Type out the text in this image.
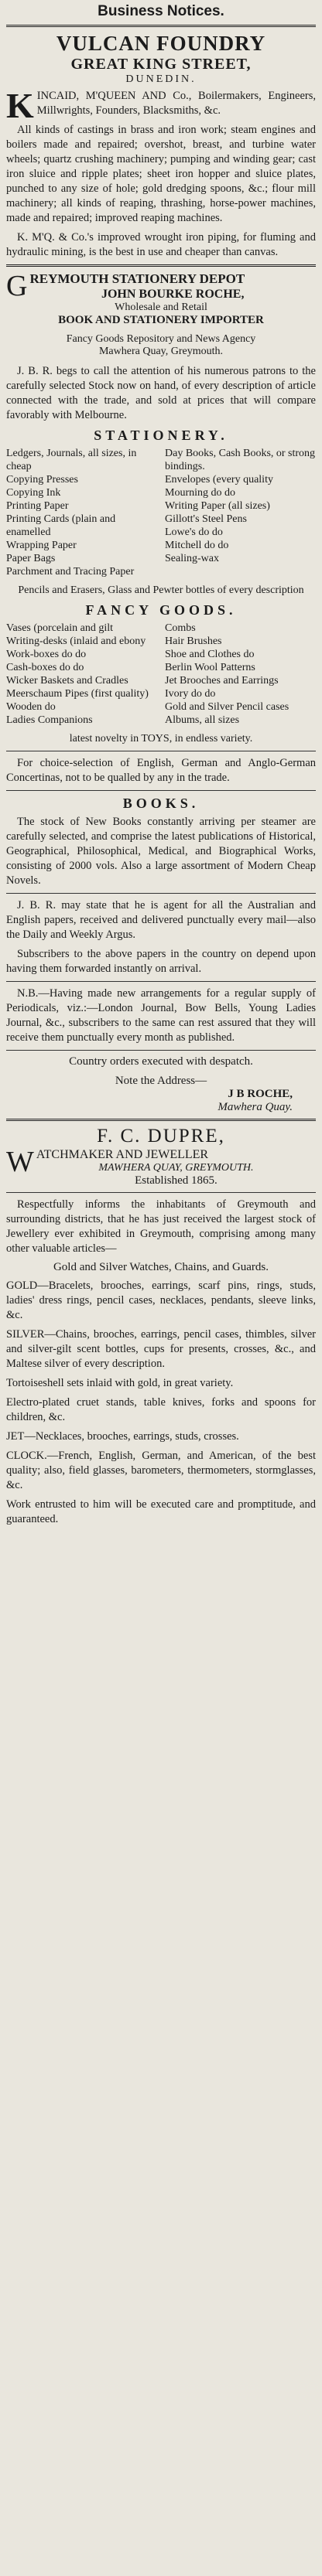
Business Notices.
VULCAN FOUNDRY
GREAT KING STREET,
DUNEDIN.

KINCAID, M'QUEEN AND Co., Boilermakers, Engineers, Millwrights, Founders, Blacksmiths, &c.

All kinds of castings in brass and iron work; steam engines and boilers made and repaired; overshot, breast, and turbine water wheels; quartz crushing machinery; pumping and winding gear; cast iron sluice and ripple plates; sheet iron hopper and sluice plates, punched to any size of hole; gold dredging spoons, &c.; flour mill machinery; all kinds of reaping, thrashing, horse-power machines, made and repaired; improved reaping machines.

K. M'Q. & Co.'s improved wrought iron piping, for fluming and hydraulic mining, is the best in use and cheaper than canvas.

GREYMOUTH STATIONERY DEPOT

JOHN BOURKE ROCHE,
Wholesale and Retail
BOOK AND STATIONERY IMPORTER
Fancy Goods Repository and News Agency
Mawhera Quay, Greymouth.

J. B. R. begs to call the attention of his numerous patrons to the carefully selected Stock now on hand, of every description of article connected with the trade, and sold at prices that will compare favorably with Melbourne.

STATIONERY.
Ledgers, Journals, all sizes, in cheap
Copying Presses
Copying Ink
Printing Paper
Printing Cards (plain and enamelled
Wrapping Paper
Paper Bags
Parchment and Tracing Paper
Day Books, Cash Books, or strong bindings.
Envelopes (every quality
Mourning do do
Writing Paper (all sizes)
Gillott's Steel Pens
Lowe's do do
Mitchell do do
Sealing-wax

Pencils and Erasers, Glass and Pewter bottles of every description

FANCY GOODS.
Vases (porcelain and gilt
Writing-desks (inlaid and ebony
Work-boxes do do
Cash-boxes do do
Wicker Baskets and Cradles
Meerschaum Pipes (first quality)
Wooden do
Ladies Companions
Combs
Hair Brushes
Shoe and Clothes do
Berlin Wool Patterns
Jet Brooches and Earrings
Ivory do do
Gold and Silver Pencil cases
Albums, all sizes

latest novelty in TOYS, in endless variety.

For choice-selection of English, German and Anglo-German Concertinas, not to be qualled by any in the trade.

BOOKS.

The stock of New Books constantly arriving per steamer are carefully selected, and comprise the latest publications of Historical, Geographical, Philosophical, Medical, and Biographical Works, consisting of 2000 vols. Also a large assortment of Modern Cheap Novels.

J. B. R. may state that he is agent for all the Australian and English papers, received and delivered punctually every mail—also the Daily and Weekly Argus.

Subscribers to the above papers in the country on depend upon having them forwarded instantly on arrival.

N.B.—Having made new arrangements for a regular supply of Periodicals, viz.:—London Journal, Bow Bells, Young Ladies Journal, &c., subscribers to the same can rest assured that they will receive them punctually every month as published.

Country orders executed with despatch.
Note the Address—
J B ROCHE,
Mawhera Quay.
F. C. DUPRE,

WATCHMAKER AND JEWELLER

MAWHERA QUAY, GREYMOUTH.
Established 1865.

Respectfully informs the inhabitants of Greymouth and surrounding districts, that he has just received the largest stock of Jewellery ever exhibited in Greymouth, comprising among many other valuable articles—

Gold and Silver Watches, Chains, and Guards.

GOLD—Bracelets, brooches, earrings, scarf pins, rings, studs, ladies' dress rings, pencil cases, necklaces, pendants, sleeve links, &c.

SILVER—Chains, brooches, earrings, pencil cases, thimbles, silver and silver-gilt scent bottles, cups for presents, crosses, &c., and Maltese silver of every description.

Tortoiseshell sets inlaid with gold, in great variety.

Electro-plated cruet stands, table knives, forks and spoons for children, &c.

JET—Necklaces, brooches, earrings, studs, crosses.

CLOCK.—French, English, German, and American, of the best quality; also, field glasses, barometers, thermometers, stormglasses, &c.

Work entrusted to him will be executed care and promptitude, and guaranteed.
